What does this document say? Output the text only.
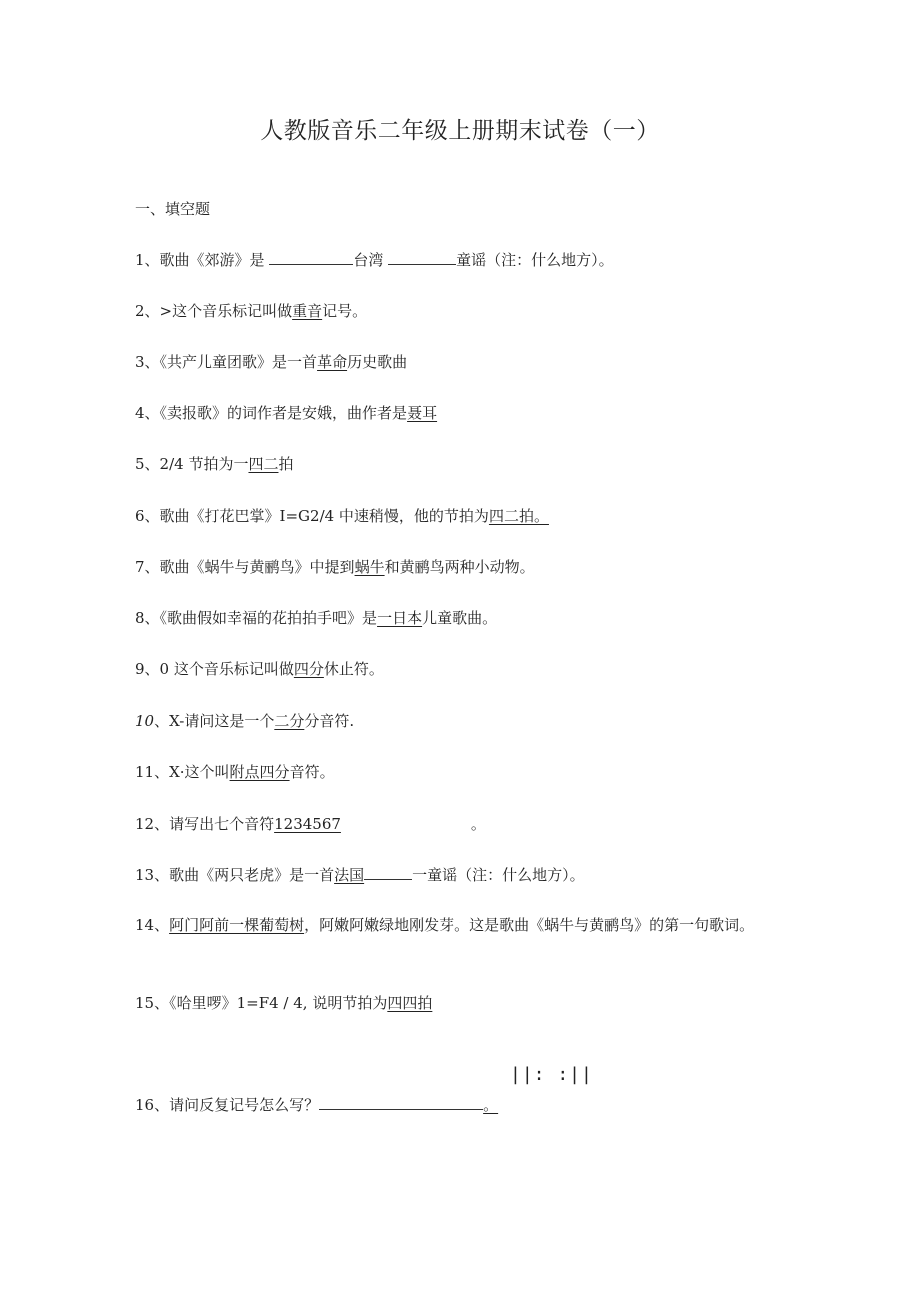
人教版音乐二年级上册期末试卷（一）
一、填空题
1、歌曲《郊游》是	台湾	童谣（注：什么地方）。
2、>这个音乐标记叫做重音记号。
3、《共产儿童团歌》是一首革命历史歌曲
4、《卖报歌》的词作者是安娥，曲作者是聂耳
5、2/4 节拍为一四二拍
6、歌曲《打花巴掌》I=G2/4 中速稍慢，他的节拍为四二拍。
7、歌曲《蜗牛与黄鹂鸟》中提到蜗牛和黄鹂鸟两种小动物。
8、《歌曲假如幸福的花拍拍手吧》是一日本儿童歌曲。
9、0 这个音乐标记叫做四分休止符。
10、X-请问这是一个二分分音符.
11、X·这个叫附点四分音符。
12、请写出七个音符1234567	。
13、歌曲《两只老虎》是一首法国	一童谣（注：什么地方）。
14、阿门阿前一棵葡萄树，阿嫩阿嫩绿地刚发芽。这是歌曲《蜗牛与黄鹂鸟》的第一句歌词。
15、《哈里啰》1=F4 / 4, 说明节拍为四四拍
||: :||
16、请问反复记号怎么写？	。
